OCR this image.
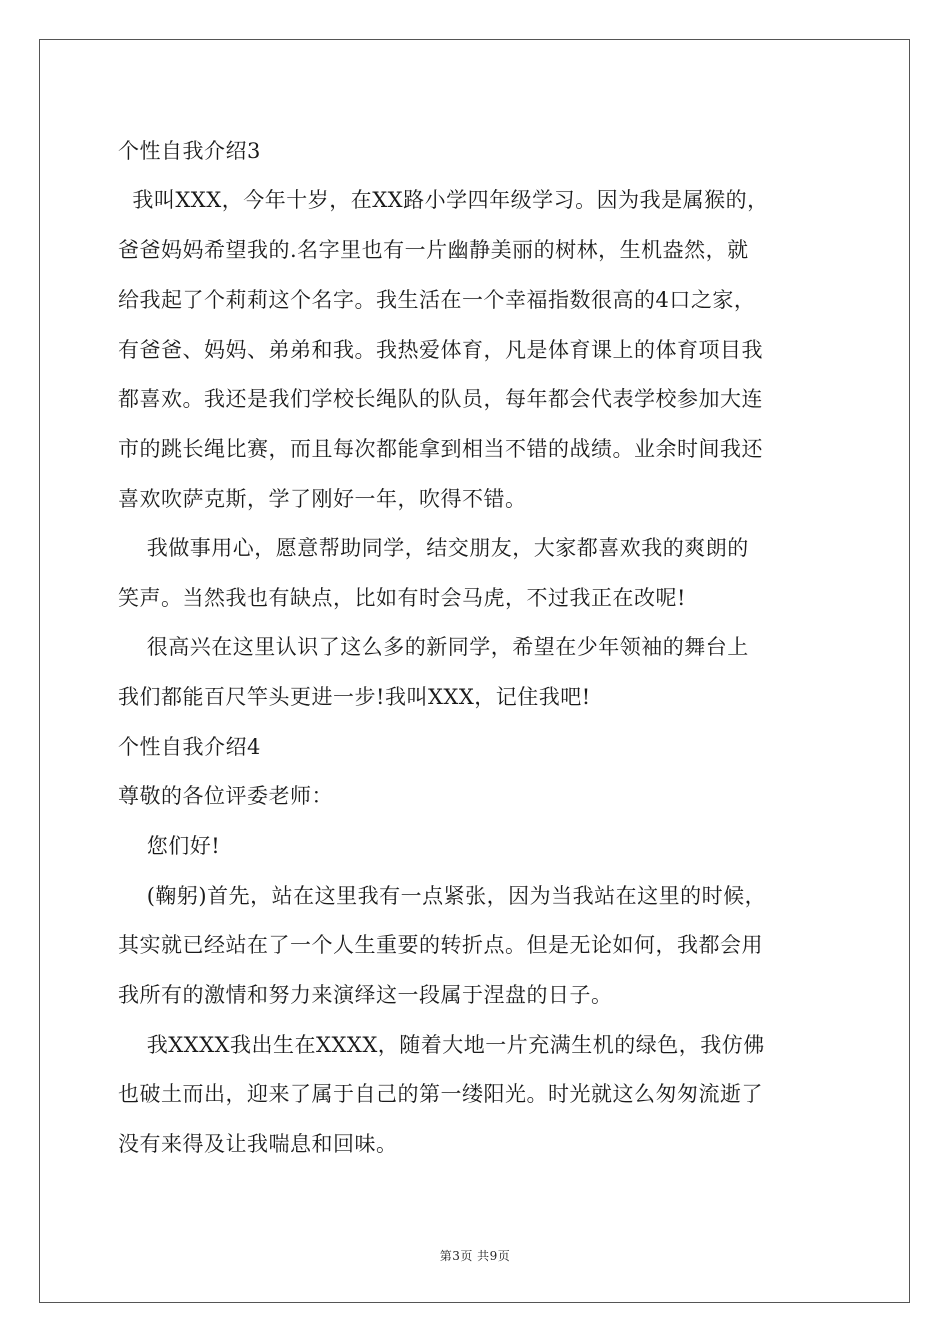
个性自我介绍3
我叫XXX，今年十岁，在XX路小学四年级学习。因为我是属猴的，
爸爸妈妈希望我的.名字里也有一片幽静美丽的树林，生机盎然，就
给我起了个莉莉这个名字。我生活在一个幸福指数很高的4口之家，
有爸爸、妈妈、弟弟和我。我热爱体育，凡是体育课上的体育项目我
都喜欢。我还是我们学校长绳队的队员，每年都会代表学校参加大连
市的跳长绳比赛，而且每次都能拿到相当不错的战绩。业余时间我还
喜欢吹萨克斯，学了刚好一年，吹得不错。
我做事用心，愿意帮助同学，结交朋友，大家都喜欢我的爽朗的
笑声。当然我也有缺点，比如有时会马虎，不过我正在改呢!
很高兴在这里认识了这么多的新同学，希望在少年领袖的舞台上
我们都能百尺竿头更进一步!我叫XXX，记住我吧!
个性自我介绍4
尊敬的各位评委老师：
您们好!
(鞠躬)首先，站在这里我有一点紧张，因为当我站在这里的时候，
其实就已经站在了一个人生重要的转折点。但是无论如何，我都会用
我所有的激情和努力来演绎这一段属于涅盘的日子。
我XXXX我出生在XXXX，随着大地一片充满生机的绿色，我仿佛
也破土而出，迎来了属于自己的第一缕阳光。时光就这么匆匆流逝了
没有来得及让我喘息和回味。
第3页 共9页
